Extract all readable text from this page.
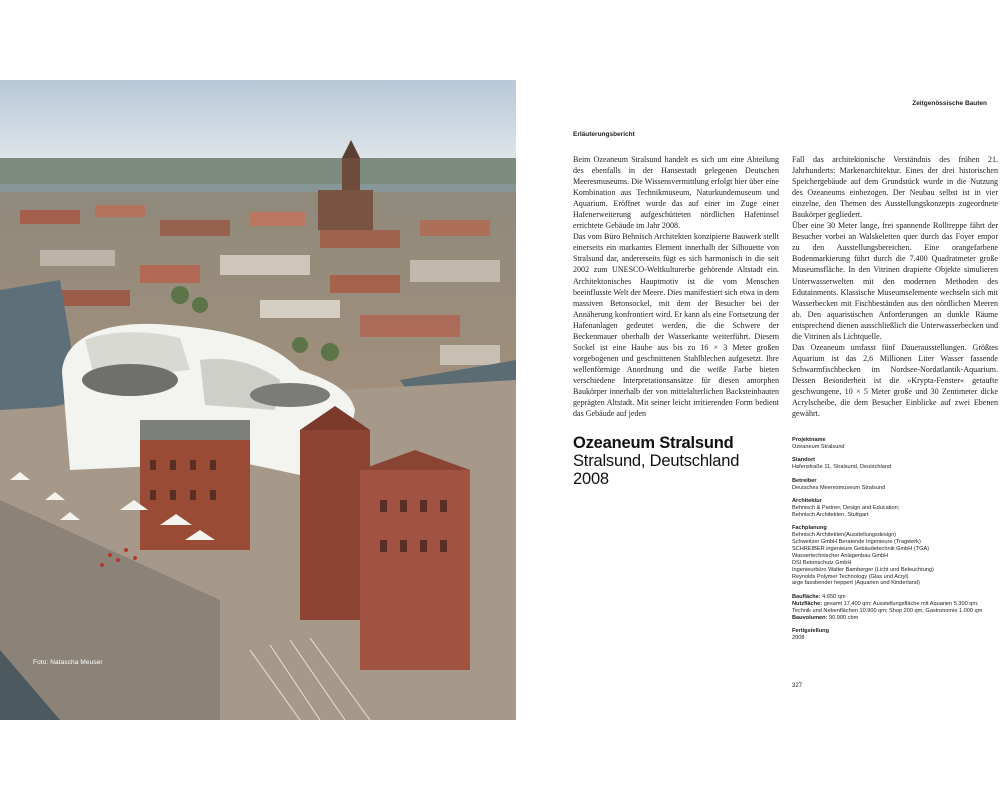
Foto: Natascha Meuser
Zeitgenössische Bauten
Erläuterungsbericht

Beim Ozeaneum Stralsund handelt es sich um eine Abteilung des ebenfalls in der Hansestadt gelegenen Deutschen Meeresmuseums. Die Wissensvermittlung erfolgt hier über eine Kombination aus Technikmuseum, Naturkundemuseum und Aquarium. Eröffnet wurde das auf einer im Zuge einer Hafenerweiterung aufgeschütteten nördlichen Hafeninsel errichtete Gebäude im Jahr 2008.

Das vom Büro Behnisch Architekten konzipierte Bauwerk stellt einerseits ein markantes Element innerhalb der Silhouette von Stralsund dar, andererseits fügt es sich harmonisch in die seit 2002 zum UNESCO-Weltkulturerbe gehörende Altstadt ein. Architektonisches Hauptmotiv ist die vom Menschen beeinflusste Welt der Meere. Dies manifestiert sich etwa in dem massiven Betonsockel, mit dem der Besucher bei der Annäherung konfrontiert wird. Er kann als eine Fortsetzung der Hafenanlagen gedeutet werden, die die Schwere der Beckenmauer oberhalb der Wasserkante weiterführt. Diesem Sockel ist eine Haube aus bis zu 16 × 3 Meter großen vorgebogenen und geschnittenen Stahlblechen aufgesetzt. Ihre wellenförmige Anordnung und die weiße Farbe bieten verschiedene Interpretationsansätze für diesen amorphen Baukörper innerhalb der von mittelalterlichen Backsteinbauten geprägten Altstadt. Mit seiner leicht irritierenden Form bedient das Gebäude auf jeden

Fall das architektonische Verständnis des frühen 21. Jahrhunderts: Markenarchitektur. Eines der drei historischen Speichergebäude auf dem Grundstück wurde in die Nutzung des Ozeaneums einbezogen. Der Neubau selbst ist in vier einzelne, den Themen des Ausstellungskonzepts zugeordnete Baukörper gegliedert.

Über eine 30 Meter lange, frei spannende Rolltreppe fährt der Besucher vorbei an Walskeletten quer durch das Foyer empor zu den Ausstellungsbereichen. Eine orangefarbene Bodenmarkierung führt durch die 7.400 Quadratmeter große Museumsfläche. In den Vitrinen drapierte Objekte simulieren Unterwasserwelten mit den modernen Methoden des Edutainments. Klassische Museumselemente wechseln sich mit Wasserbecken mit Fischbeständen aus den nördlichen Meeren ab. Den aquaristischen Anforderungen an dunkle Räume entsprechend dienen ausschließlich die Unterwasserbecken und die Vitrinen als Lichtquelle.

Das Ozeaneum umfasst fünf Dauerausstellungen. Größtes Aquarium ist das 2,6 Millionen Liter Wasser fassende Schwarmfischbecken im Nordsee-Nordatlantik-Aquarium. Dessen Besonderheit ist die »Krypta-Fenster« getaufte geschwungene, 10 × 5 Meter große und 30 Zentimeter dicke Acrylscheibe, die dem Besucher Einblicke auf zwei Ebenen gewährt.

Ozeaneum Stralsund
Stralsund, Deutschland
2008
Projektname
Ozeaneum Stralsund
Standort
Hafenstraße 11, Stralsund, Deutschland
Betreiber
Deutsches Meeresmuseum Stralsund
Architektur
Behnisch & Partner, Design and Education;
Behnisch Architekten, Stuttgart
Fachplanung
Behnisch Architekten(Ausstellungsdesign)
Schweitzer GmbH Beratende Ingenieure (Tragwerk)
SCHREIBER ingenieure Gebäudetechnik GmbH (TGA)
Wassertechnischer Anlagenbau GmbH
DSI Betonschutz GmbH
Ingenieurbüro Walter Bamberger (Licht und Beleuchtung)
Reynolds Polymer Technology (Glas und Acryl)
arge fassbender heppert (Aquarien und Kinderland)
Baufläche: 4.650 qm
Nutzfläche: gesamt 17.400 qm; Ausstellungsfläche mit Aquarien 5.300 qm;
Technik und Nebenflächen 10.900 qm; Shop 200 qm; Gastronomie 1.000 qm
Bauvolumen: 90.900 cbm
Fertigstellung
2008
327
